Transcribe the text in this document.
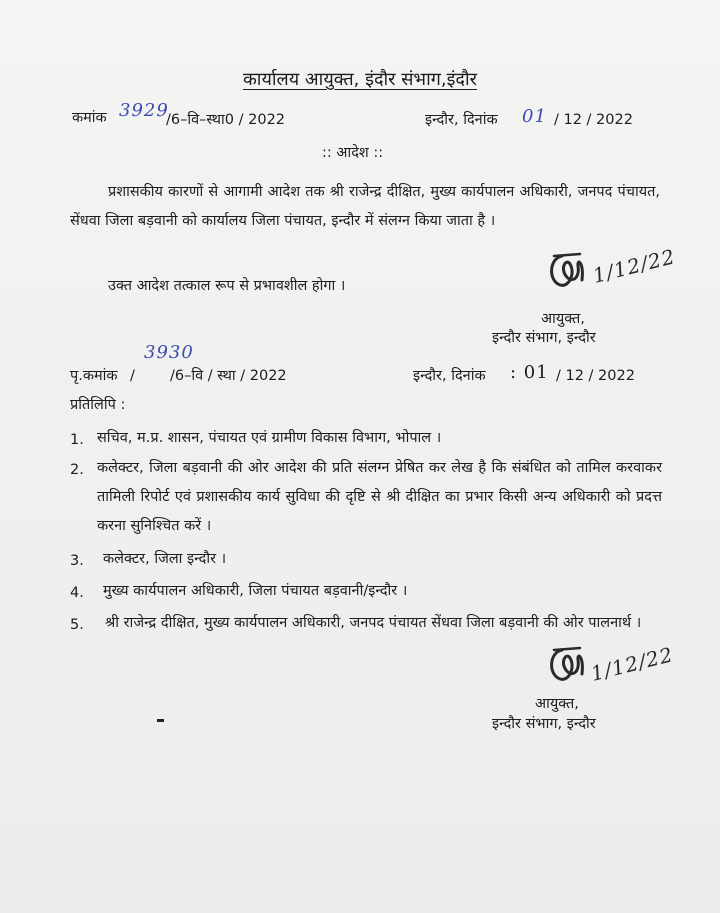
कार्यालय आयुक्त, इंदौर संभाग,इंदौर
कमांक 3929
/6–वि–स्था0 / 2022	इन्दौर, दिनांक 01 / 12 / 2022
:: आदेश ::
प्रशासकीय कारणों से आगामी आदेश तक श्री राजेन्द्र दीक्षित, मुख्य कार्यपालन अधिकारी, जनपद पंचायत, सेंधवा जिला बड़वानी को कार्यालय जिला पंचायत, इन्दौर में संलग्न किया जाता है ।
उक्त आदेश तत्काल रूप से प्रभावशील होगा ।	1/12/22
आयुक्त,
इन्दौर संभाग, इन्दौर
पृ.कमांक /
3930
/6–वि / स्था / 2022	इन्दौर, दिनांक : 01 / 12 / 2022
प्रतिलिपि :
1. सचिव, म.प्र. शासन, पंचायत एवं ग्रामीण विकास विभाग, भोपाल ।
2. कलेक्टर, जिला बड़वानी की ओर आदेश की प्रति संलग्न प्रेषित कर लेख है कि संबंधित को तामिल करवाकर तामिली रिपोर्ट एवं प्रशासकीय कार्य सुविधा की दृष्टि से श्री दीक्षित का प्रभार किसी अन्य अधिकारी को प्रदत्त करना सुनिश्चित करें ।
3. कलेक्टर, जिला इन्दौर ।
4. मुख्य कार्यपालन अधिकारी, जिला पंचायत बड़वानी/इन्दौर ।
5.	श्री राजेन्द्र दीक्षित, मुख्य कार्यपालन अधिकारी, जनपद पंचायत सेंधवा जिला बड़वानी की ओर पालनार्थ ।
1/12/22
आयुक्त,
इन्दौर संभाग, इन्दौर
